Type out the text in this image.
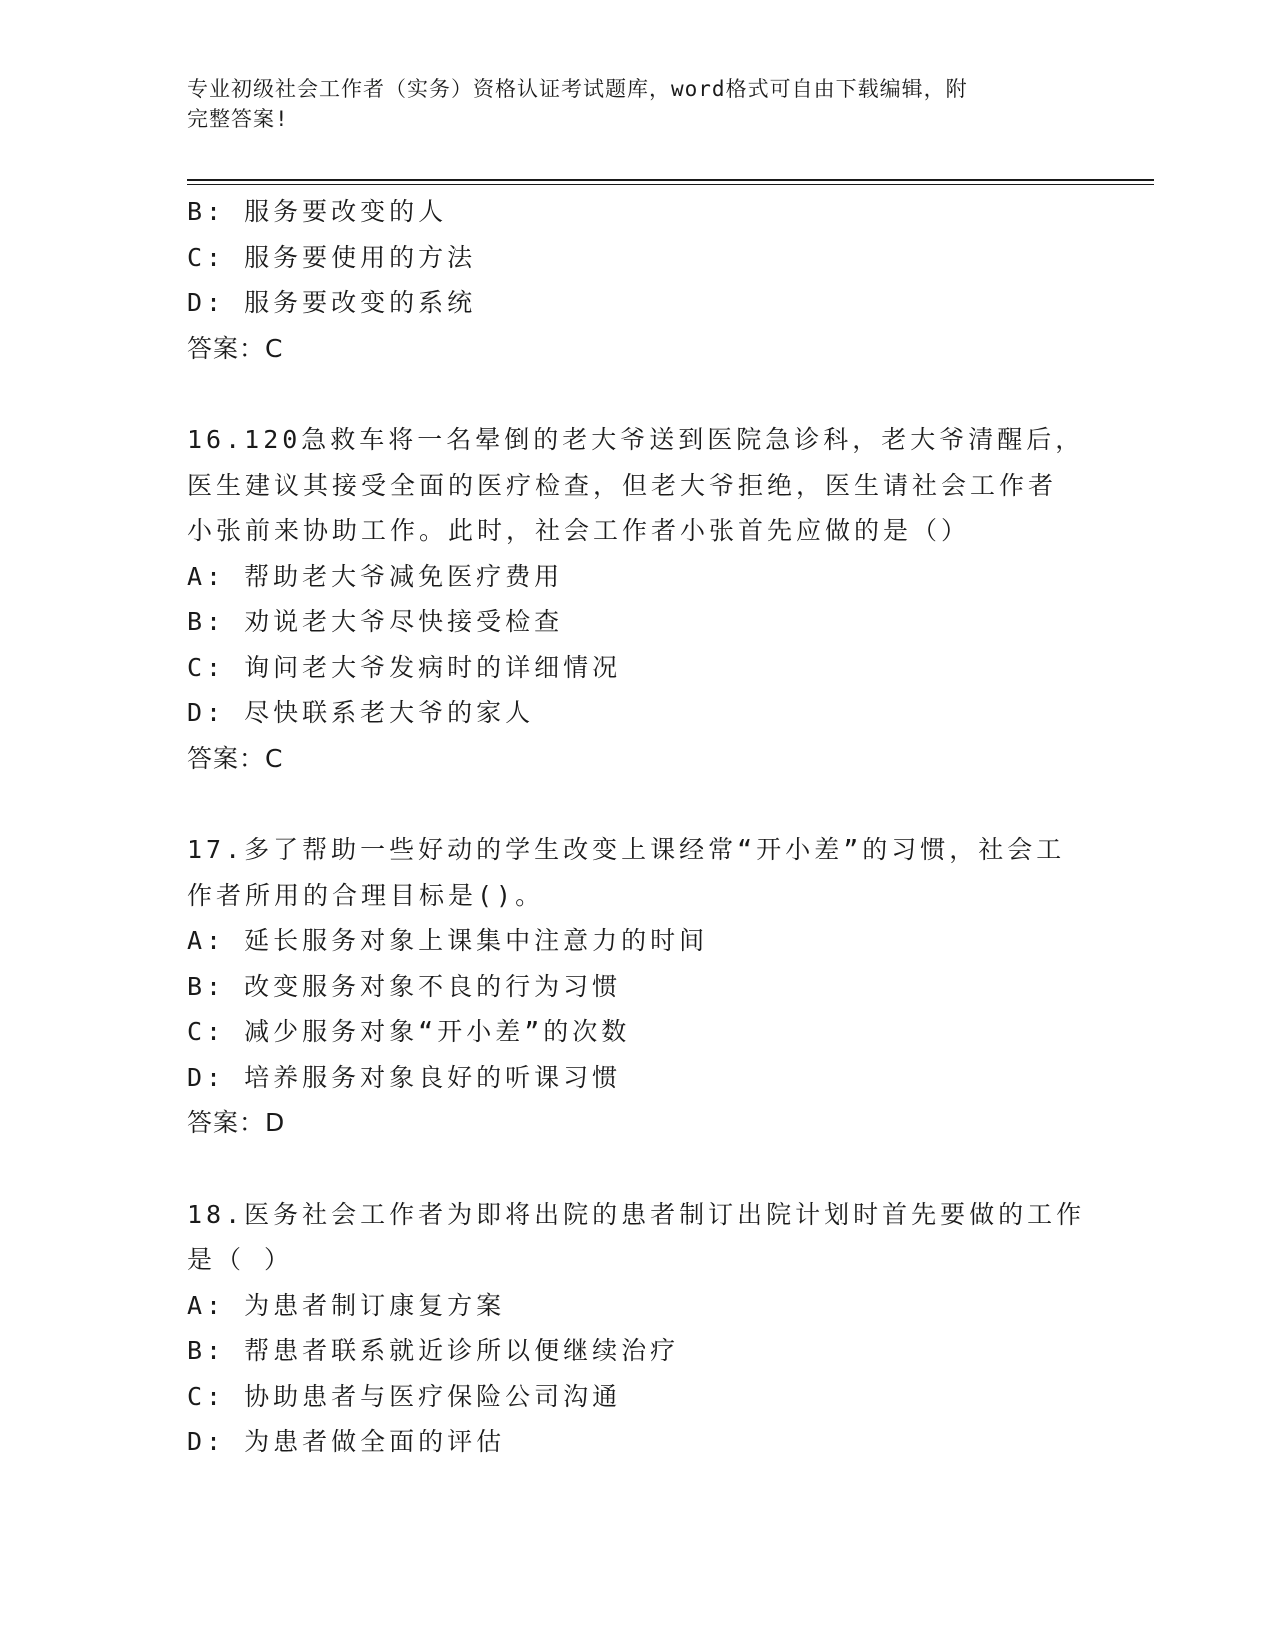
专业初级社会工作者（实务）资格认证考试题库，word格式可自由下载编辑，附
完整答案!
B: 服务要改变的人
C: 服务要使用的方法
D: 服务要改变的系统
答案：C
16.120急救车将一名晕倒的老大爷送到医院急诊科，老大爷清醒后，
医生建议其接受全面的医疗检查，但老大爷拒绝，医生请社会工作者
小张前来协助工作。此时，社会工作者小张首先应做的是（）
A: 帮助老大爷减免医疗费用
B: 劝说老大爷尽快接受检查
C: 询问老大爷发病时的详细情况
D: 尽快联系老大爷的家人
答案：C
17.多了帮助一些好动的学生改变上课经常“开小差”的习惯，社会工
作者所用的合理目标是()。
A: 延长服务对象上课集中注意力的时间
B: 改变服务对象不良的行为习惯
C: 减少服务对象“开小差”的次数
D: 培养服务对象良好的听课习惯
答案：D
18.医务社会工作者为即将出院的患者制订出院计划时首先要做的工作
是（ ）
A: 为患者制订康复方案
B: 帮患者联系就近诊所以便继续治疗
C: 协助患者与医疗保险公司沟通
D: 为患者做全面的评估
